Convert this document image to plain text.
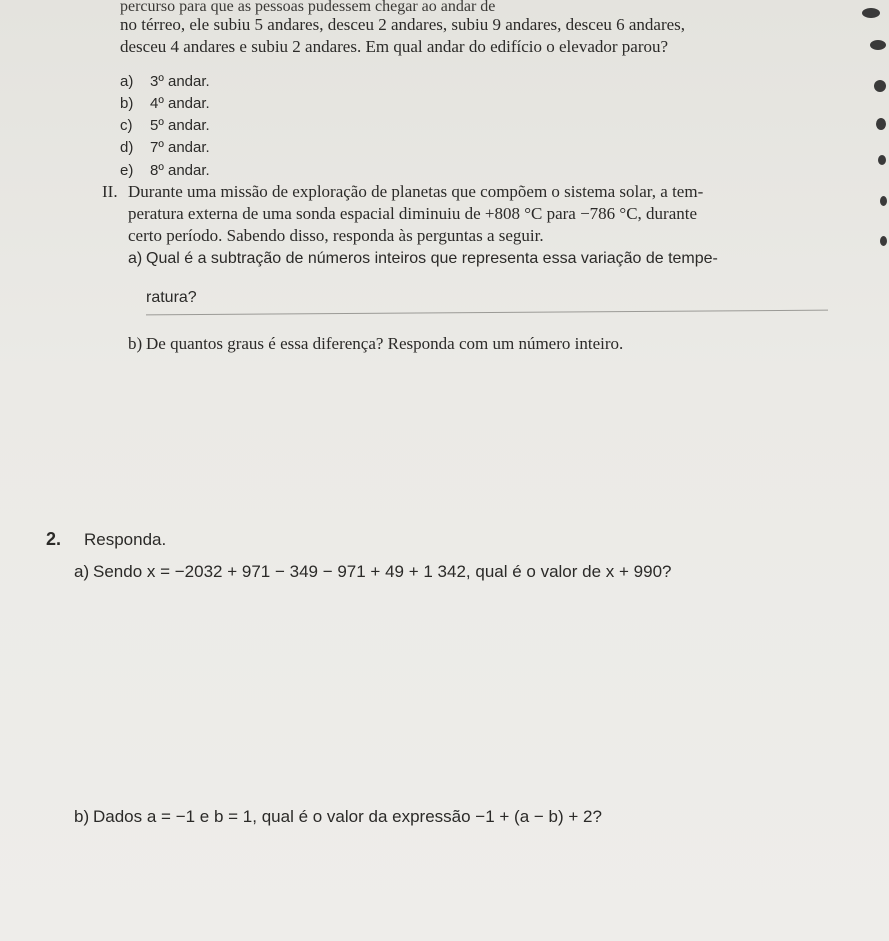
percurso para que as pessoas pudessem chegar ao andar de
no térreo, ele subiu 5 andares, desceu 2 andares, subiu 9 andares, desceu 6 andares,
desceu 4 andares e subiu 2 andares. Em qual andar do edifício o elevador parou?
a) 3º andar.
b) 4º andar.
c) 5º andar.
d) 7º andar.
e) 8º andar.
II. Durante uma missão de exploração de planetas que compõem o sistema solar, a tem-
peratura externa de uma sonda espacial diminuiu de +808 °C para −786 °C, durante
certo período. Sabendo disso, responda às perguntas a seguir.
a) Qual é a subtração de números inteiros que representa essa variação de tempe-
ratura?
b) De quantos graus é essa diferença? Responda com um número inteiro.
2. Responda.
a) Sendo x = −2032 + 971 − 349 − 971 + 49 + 1 342, qual é o valor de x + 990?
b) Dados a = −1 e b = 1, qual é o valor da expressão −1 + (a − b) + 2?
